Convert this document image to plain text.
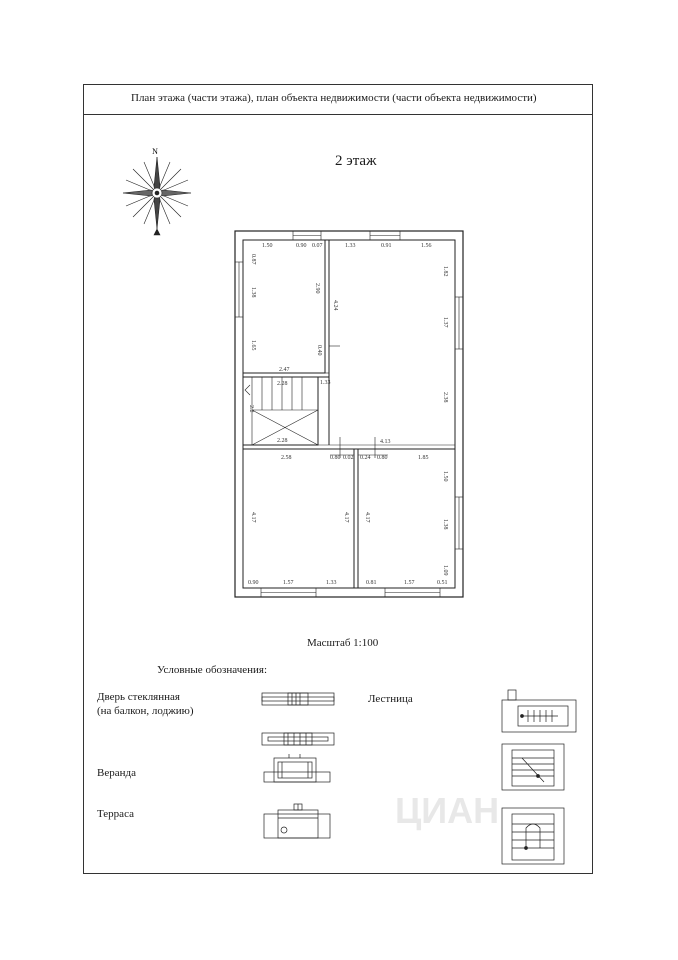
План этажа (части этажа), план объекта недвижимости (части объекта недвижимости)
N
2 этаж
1.50	0.90 0.07	1.33	0.91	1.56
0.87
1.38
1.65
2.90
4.24
0.40
2.47
1.82
1.37
2.38
1.33
4.13
2.28
2.2
2.28
2.58	0.80 0.02 0.24 0.80	1.85
4.17	4.17	4.17
1.50
1.38
1.09
0.90	1.57	1.33	0.81	1.57	0.51
Масштаб 1:100
Условные обозначения:
Дверь стеклянная
(на балкон, лоджию)
Лестница
Веранда
Терраса	ЦИАН
